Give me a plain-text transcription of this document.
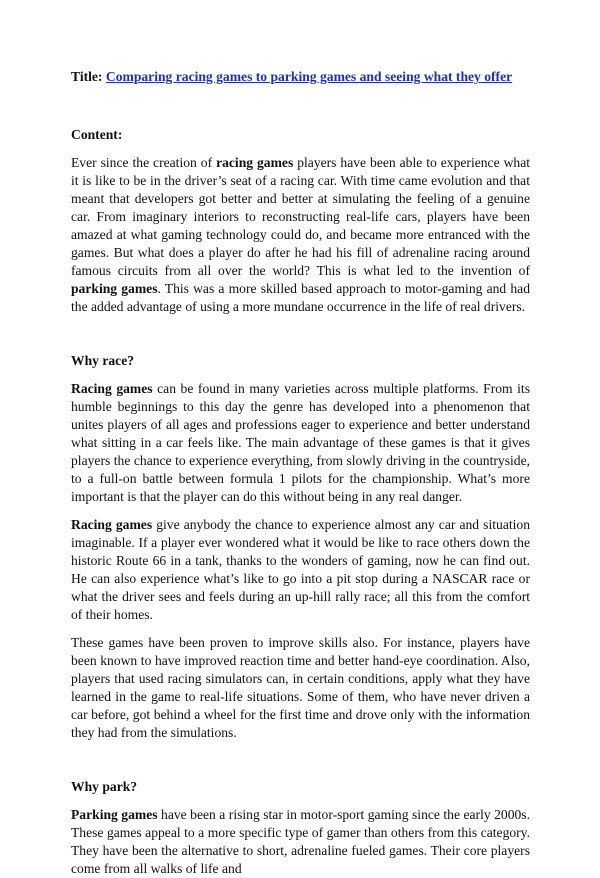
Title: Comparing racing games to parking games and seeing what they offer
Content:

Ever since the creation of racing games players have been able to experience what it is like to be in the driver’s seat of a racing car. With time came evolution and that meant that developers got better and better at simulating the feeling of a genuine car. From imaginary interiors to reconstructing real-life cars, players have been amazed at what gaming technology could do, and became more entranced with the games. But what does a player do after he had his fill of adrenaline racing around famous circuits from all over the world? This is what led to the invention of parking games. This was a more skilled based approach to motor-gaming and had the added advantage of using a more mundane occurrence in the life of real drivers.

Why race?

Racing games can be found in many varieties across multiple platforms. From its humble beginnings to this day the genre has developed into a phenomenon that unites players of all ages and professions eager to experience and better understand what sitting in a car feels like. The main advantage of these games is that it gives players the chance to experience everything, from slowly driving in the countryside, to a full-on battle between formula 1 pilots for the championship. What’s more important is that the player can do this without being in any real danger.

Racing games give anybody the chance to experience almost any car and situation imaginable. If a player ever wondered what it would be like to race others down the historic Route 66 in a tank, thanks to the wonders of gaming, now he can find out. He can also experience what’s like to go into a pit stop during a NASCAR race or what the driver sees and feels during an up-hill rally race; all this from the comfort of their homes.

These games have been proven to improve skills also. For instance, players have been known to have improved reaction time and better hand-eye coordination. Also, players that used racing simulators can, in certain conditions, apply what they have learned in the game to real-life situations. Some of them, who have never driven a car before, got behind a wheel for the first time and drove only with the information they had from the simulations.

Why park?

Parking games have been a rising star in motor-sport gaming since the early 2000s. These games appeal to a more specific type of gamer than others from this category. They have been the alternative to short, adrenaline fueled games. Their core players come from all walks of life and
